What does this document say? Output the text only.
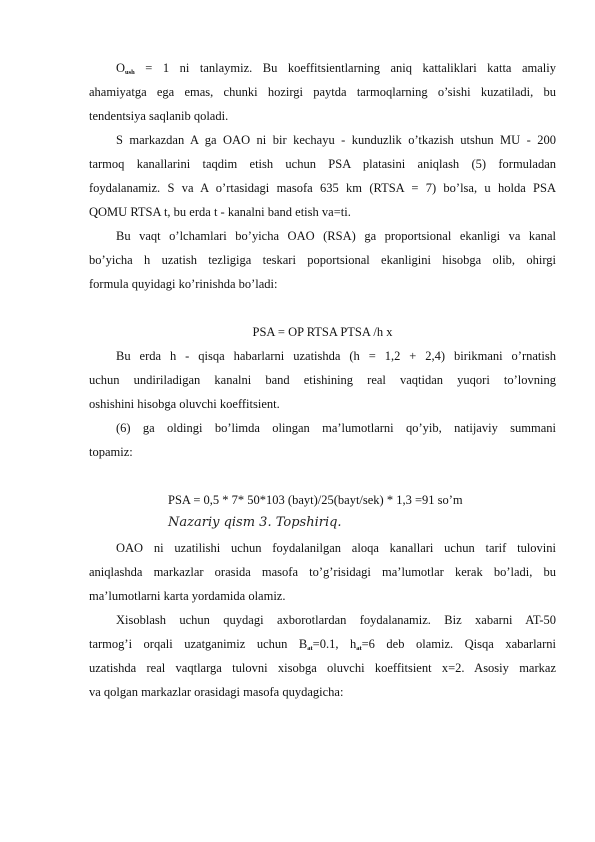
$O_{ush} = 1$ ni tanlaymiz. Bu koeffitsientlarning aniq kattaliklari katta amaliy
ahamiyatga ega emas, chunki hozirgi paytda tarmoqlarning o’sishi kuzatiladi, bu
tendentsiya saqlanib qoladi.
S markazdan A ga OAO ni bir kechayu - kunduzlik o’tkazish utshun MU - 200
tarmoq kanallarini taqdim etish uchun PSA platasini aniqlash (5) formuladan
foydalanamiz. S va A o’rtasidagi masofa 635 km (RTSA = 7) bo’lsa, u holda PSA
QOMU RTSA t, bu erda t - kanalni band etish va=ti.
Bu vaqt o’lchamlari bo’yicha OAO (RSA) ga proportsional ekanligi va kanal
bo’yicha h uzatish tezligiga teskari poportsional ekanligini hisobga olib, ohirgi
formula quyidagi ko’rinishda bo’ladi:
PSA = OP RTSA PTSA /h x
Bu erda h - qisqa habarlarni uzatishda (h = 1,2 + 2,4) birikmani o’rnatish
uchun undiriladigan kanalni band etishining real vaqtidan yuqori to’lovning
oshishini hisobga oluvchi koeffitsient.
(6) ga oldingi bo’limda olingan ma’lumotlarni qo’yib, natijaviy summani
topamiz:
PSA = 0,5 * 7* 50*103 (bayt)/25(bayt/sek) * 1,3 =91 so’m
Nazariy qism 3. Topshiriq.
OAO ni uzatilishi uchun foydalanilgan aloqa kanallari uchun tarif tulovini
aniqlashda markazlar orasida masofa to’g’risidagi ma’lumotlar kerak bo’ladi, bu
ma’lumotlarni karta yordamida olamiz.
Xisoblash uchun quydagi axborotlardan foydalanamiz. Biz xabarni AT-50
tarmog’i orqali uzatganimiz uchun $B_{at}=0.1$, $h_{at}=6$ deb olamiz. Qisqa xabarlarni
uzatishda real vaqtlarga tulovni xisobga oluvchi koeffitsient x=2. Asosiy markaz
va qolgan markazlar orasidagi masofa quydagicha:
